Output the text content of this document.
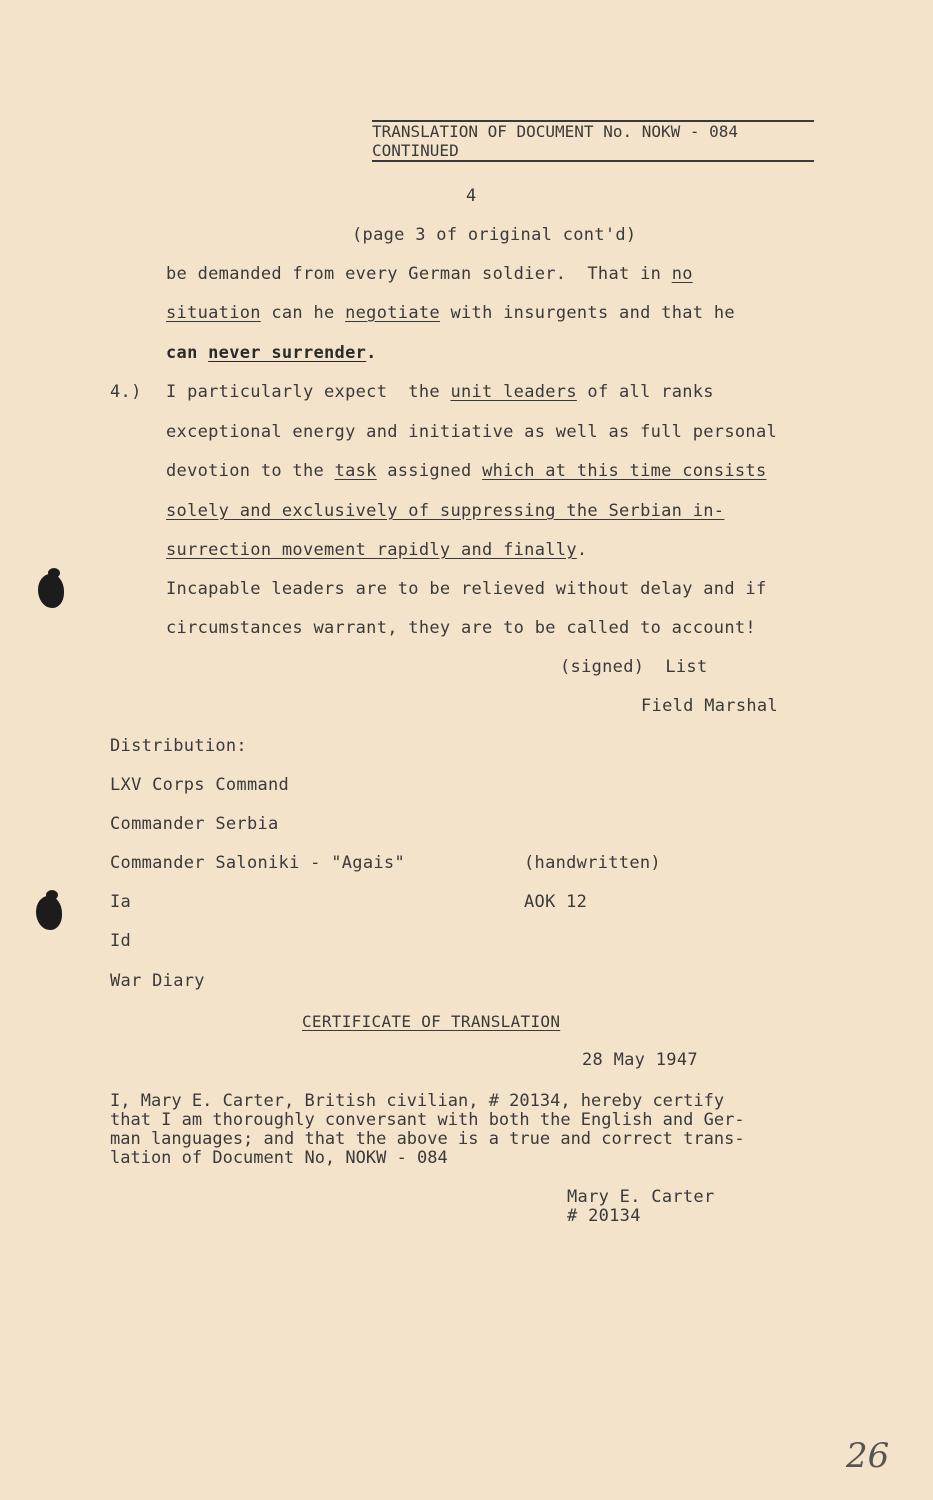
TRANSLATION OF DOCUMENT No. NOKW - 084
CONTINUED
4
(page 3 of original cont'd)
be demanded from every German soldier.  That in no
situation can he negotiate with insurgents and that he
can never surrender.
4.) I particularly expect  the unit leaders of all ranks
exceptional energy and initiative as well as full personal
devotion to the task assigned which at this time consists
solely and exclusively of suppressing the Serbian in-
surrection movement rapidly and finally.
Incapable leaders are to be relieved without delay and if
circumstances warrant, they are to be called to account!
(signed)  List
Field Marshal
Distribution:
LXV Corps Command
Commander Serbia
Commander Saloniki - "Agais"	(handwritten)
Ia	AOK 12
Id
War Diary
CERTIFICATE OF TRANSLATION
28 May 1947
I, Mary E. Carter, British civilian, # 20134, hereby certify
that I am thoroughly conversant with both the English and Ger-
man languages; and that the above is a true and correct trans-
lation of Document No, NOKW - 084
Mary E. Carter
# 20134
26
